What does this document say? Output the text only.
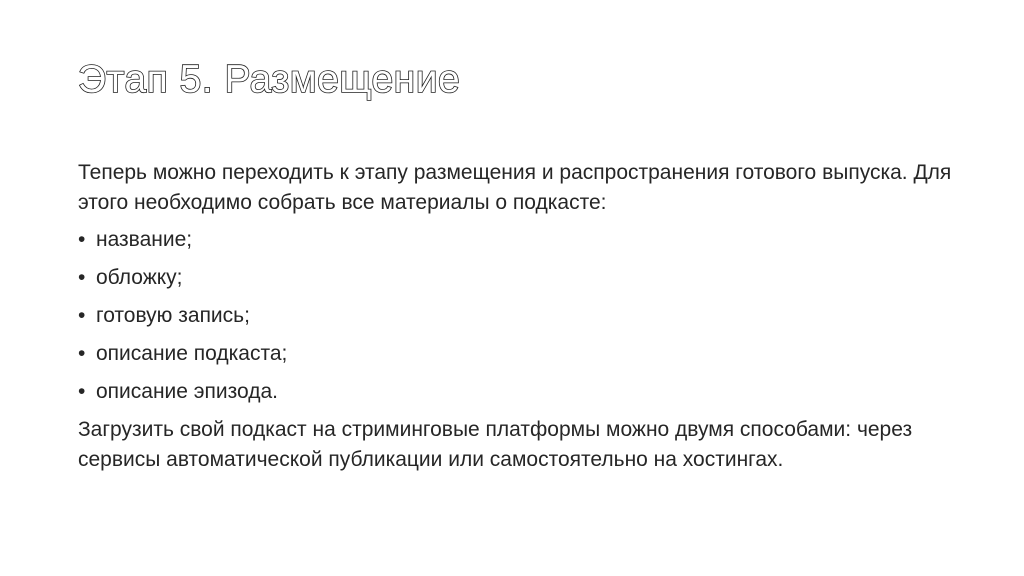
Этап 5. Размещение

Теперь можно переходить к этапу размещения и распространения готового выпуска. Для этого необходимо собрать все материалы о подкасте:

• название;
• обложку;
• готовую запись;
• описание подкаста;
• описание эпизода.

Загрузить свой подкаст на стриминговые платформы можно двумя способами: через сервисы автоматической публикации или самостоятельно на хостингах.
